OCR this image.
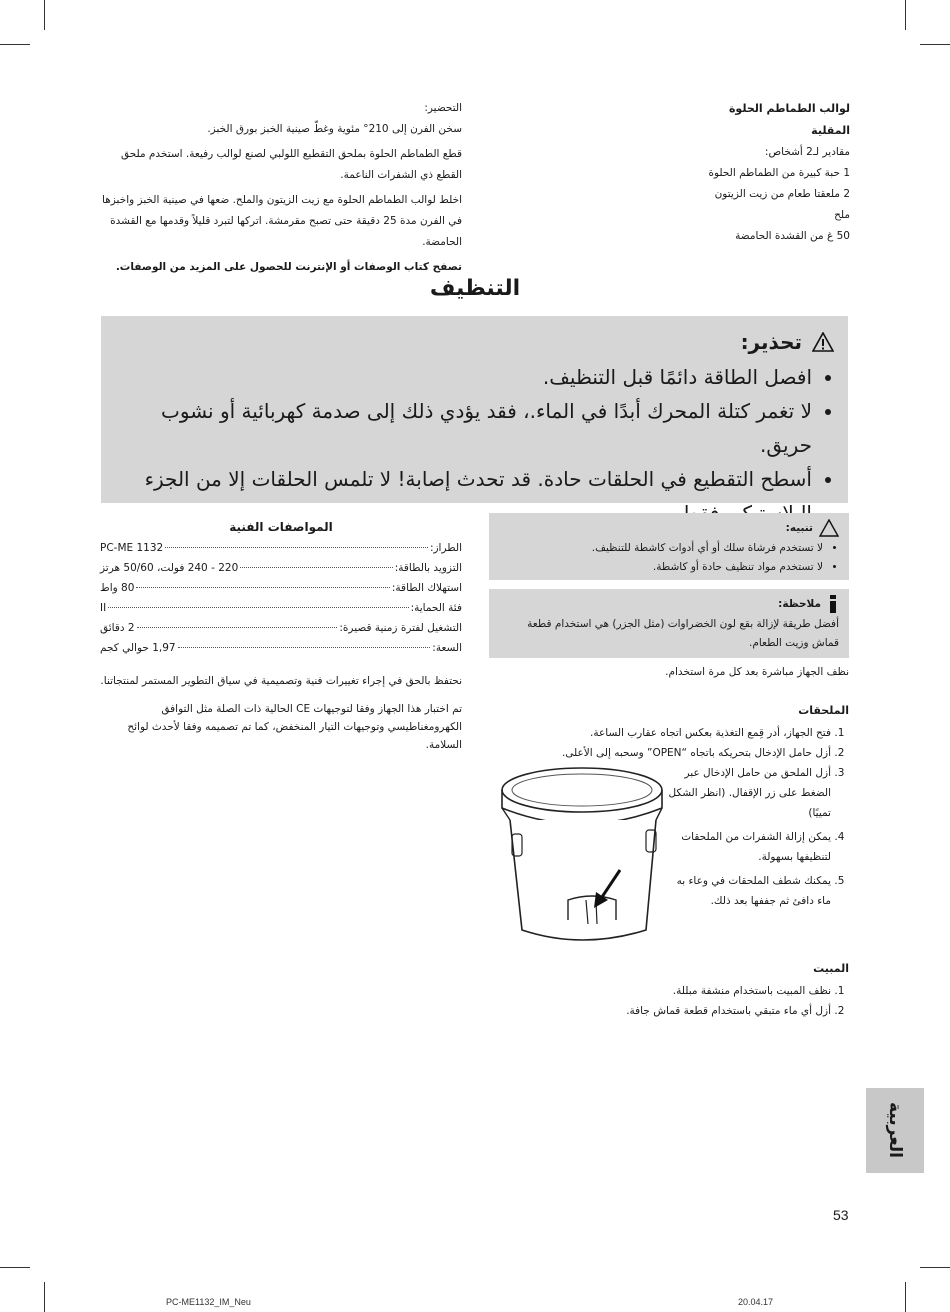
لوالب الطماطم الحلوة المقلية
مقادير لـ2 أشخاص:
1 حبة كبيرة من الطماطم الحلوة
2 ملعقتا طعام من زيت الزيتون
ملح
50 غ من القشدة الحامضة
التحضير:

سخن الفرن إلى 210° مئوية وغطّ صينية الخبز بورق الخبز.

قطع الطماطم الحلوة بملحق التقطيع اللولبي لصنع لوالب رفيعة. استخدم ملحق القطع ذي الشفرات الناعمة.

اخلط لوالب الطماطم الحلوة مع زيت الزيتون والملح. ضعها في صينية الخبز واخبزها في الفرن مدة 25 دقيقة حتى تصبح مقرمشة. اتركها لتبرد قليلاً وقدمها مع القشدة الحامضة.

تصفح كتاب الوصفات أو الإنترنت للحصول على المزيد من الوصفات.

التنظيف
تحذير:
• افصل الطاقة دائمًا قبل التنظيف.
• لا تغمر كتلة المحرك أبدًا في الماء.، فقد يؤدي ذلك إلى صدمة كهربائية أو نشوب حريق.
• أسطح التقطيع في الحلقات حادة. قد تحدث إصابة! لا تلمس الحلقات إلا من الجزء
المواصفات الفنية
الطراز:
PC-ME 1132
التزويد بالطاقة:
220 - 240 فولت، 50/60 هرتز
استهلاك الطاقة:
80 واط
فئة الحماية:
II
التشغيل لفترة زمنية قصيرة:
2 دقائق
السعة:
1,97 حوالي كجم

نحتفظ بالحق في إجراء تغييرات فنية وتصميمية في سياق التطوير المستمر لمنتجاتنا.

تم اختبار هذا الجهاز وفقا لتوجيهات CE الحالية ذات الصلة مثل التوافق الكهرومغناطيسي وتوجيهات التيار المنخفض، كما تم تصميمه وفقا لأحدث لوائح السلامة.

تنبيه:
• لا تستخدم فرشاة سلك أو أي أدوات كاشطة للتنظيف.
• لا تستخدم مواد تنظيف حادة أو كاشطة.
ملاحظة:

أفضل طريقة لإزالة بقع لون الخضراوات (مثل الجزر) هي استخدام قطعة قماش وزيت الطعام.

نظف الجهاز مباشرة بعد كل مرة استخدام.
الملحقات
1. فتح الجهاز، أدر قِمع التغذية بعكس اتجاه عقارب الساعة.
2. أزل حامل الإدخال بتحريكه باتجاه “OPEN” وسحبه إلى الأعلى.
3. أزل الملحق من حامل الإدخال عبر الضغط على زر الإقفال. (انظر الشكل تمييًا)
4. يمكن إزالة الشفرات من الملحقات لتنظيفها بسهولة.
5. يمكنك شطف الملحقات في وعاء به ماء دافئ ثم جففها بعد ذلك.
المبيت
1. نظف المبيت باستخدام منشفة مبللة.
2. أزل أي ماء متبقي باستخدام قطعة قماش جافة.
العربية
53
PC-ME1132_IM_Neu	20.04.17
